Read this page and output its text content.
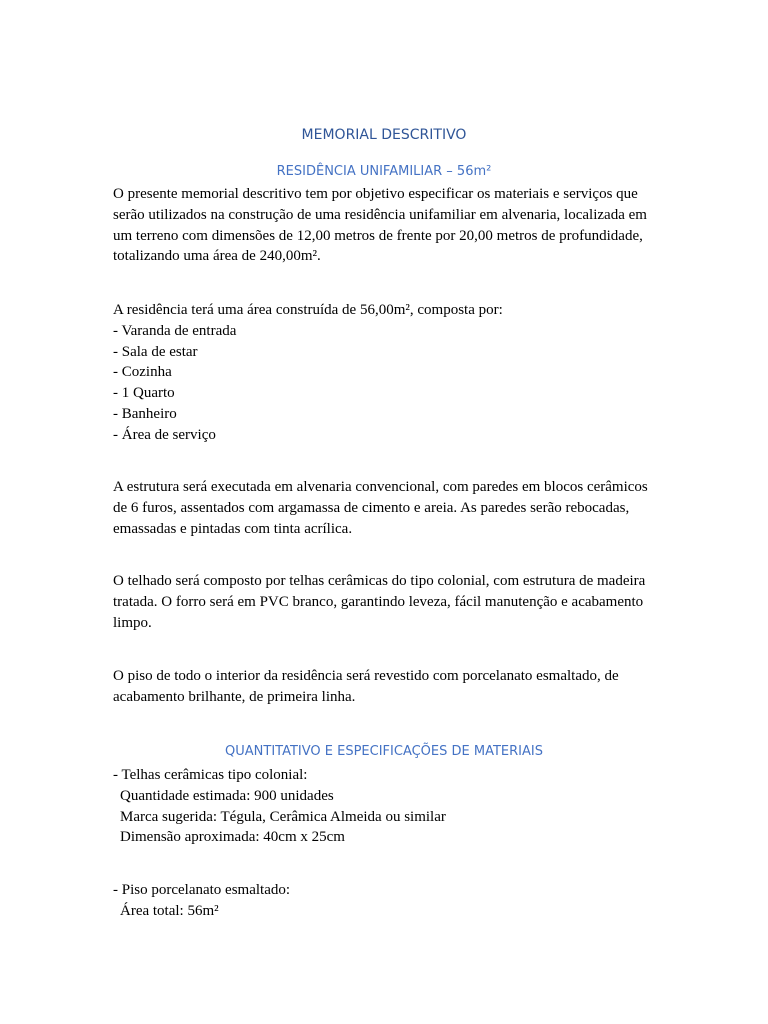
MEMORIAL DESCRITIVO
RESIDÊNCIA UNIFAMILIAR – 56m²
O presente memorial descritivo tem por objetivo especificar os materiais e serviços que
serão utilizados na construção de uma residência unifamiliar em alvenaria, localizada em
um terreno com dimensões de 12,00 metros de frente por 20,00 metros de profundidade,
totalizando uma área de 240,00m².
A residência terá uma área construída de 56,00m², composta por:
- Varanda de entrada
- Sala de estar
- Cozinha
- 1 Quarto
- Banheiro
- Área de serviço
A estrutura será executada em alvenaria convencional, com paredes em blocos cerâmicos
de 6 furos, assentados com argamassa de cimento e areia. As paredes serão rebocadas,
emassadas e pintadas com tinta acrílica.
O telhado será composto por telhas cerâmicas do tipo colonial, com estrutura de madeira
tratada. O forro será em PVC branco, garantindo leveza, fácil manutenção e acabamento
limpo.
O piso de todo o interior da residência será revestido com porcelanato esmaltado, de
acabamento brilhante, de primeira linha.
QUANTITATIVO E ESPECIFICAÇÕES DE MATERIAIS
- Telhas cerâmicas tipo colonial:
Quantidade estimada: 900 unidades
Marca sugerida: Tégula, Cerâmica Almeida ou similar
Dimensão aproximada: 40cm x 25cm
- Piso porcelanato esmaltado:
Área total: 56m²
